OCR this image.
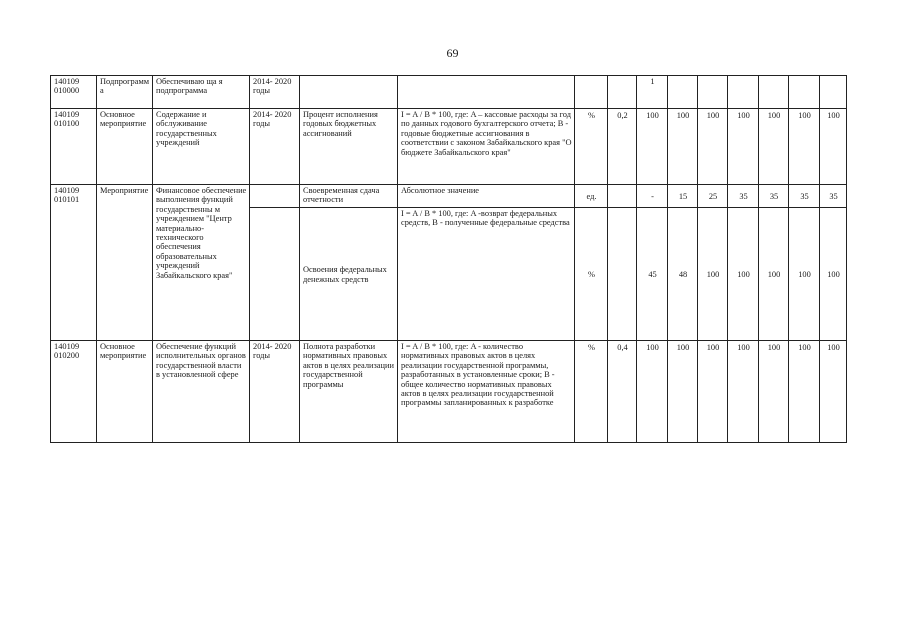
69
140109 010000	Подпрограмм а	Обеспечиваю ща я подпрограмма	2014- 2020 годы					1						
140109 010100	Основное мероприятие	Содержание и обслуживание государственных учреждений	2014- 2020 годы	Процент исполнения годовых бюджетных ассигнований	I = A / B * 100, где: A – кассовые расходы за год по данных годового бухгалтерского отчета; B - годовые бюджетные ассигнования в соответствии с законом Забайкальского края "О бюджете Забайкальского края"	%	0,2	100	100	100	100	100	100	100
140109 010101	Мероприятие	Финансовое обеспечение выполнения функций государственны м учреждением "Центр материально-технического обеспечения образовательных учреждений Забайкальского края"		Своевременная сдача отчетности	Абсолютное значение	ед.		-	15	25	35	35	35	35
				Освоения федеральных денежных средств	I = A / B * 100, где: A -возврат федеральных средств, B - полученные федеральные средства	%		45	48	100	100	100	100	100
140109 010200	Основное мероприятие	Обеспечение функций исполнительных органов государственной власти в установленной сфере	2014- 2020 годы	Полнота разработки нормативных правовых актов в целях реализации государственной программы	I = A / B * 100, где: A - количество нормативных правовых актов в целях реализации государственной программы, разработанных в установленные сроки; B - общее количество нормативных правовых актов в целях реализации государственной программы запланированных к разработке	%	0,4	100	100	100	100	100	100	100
